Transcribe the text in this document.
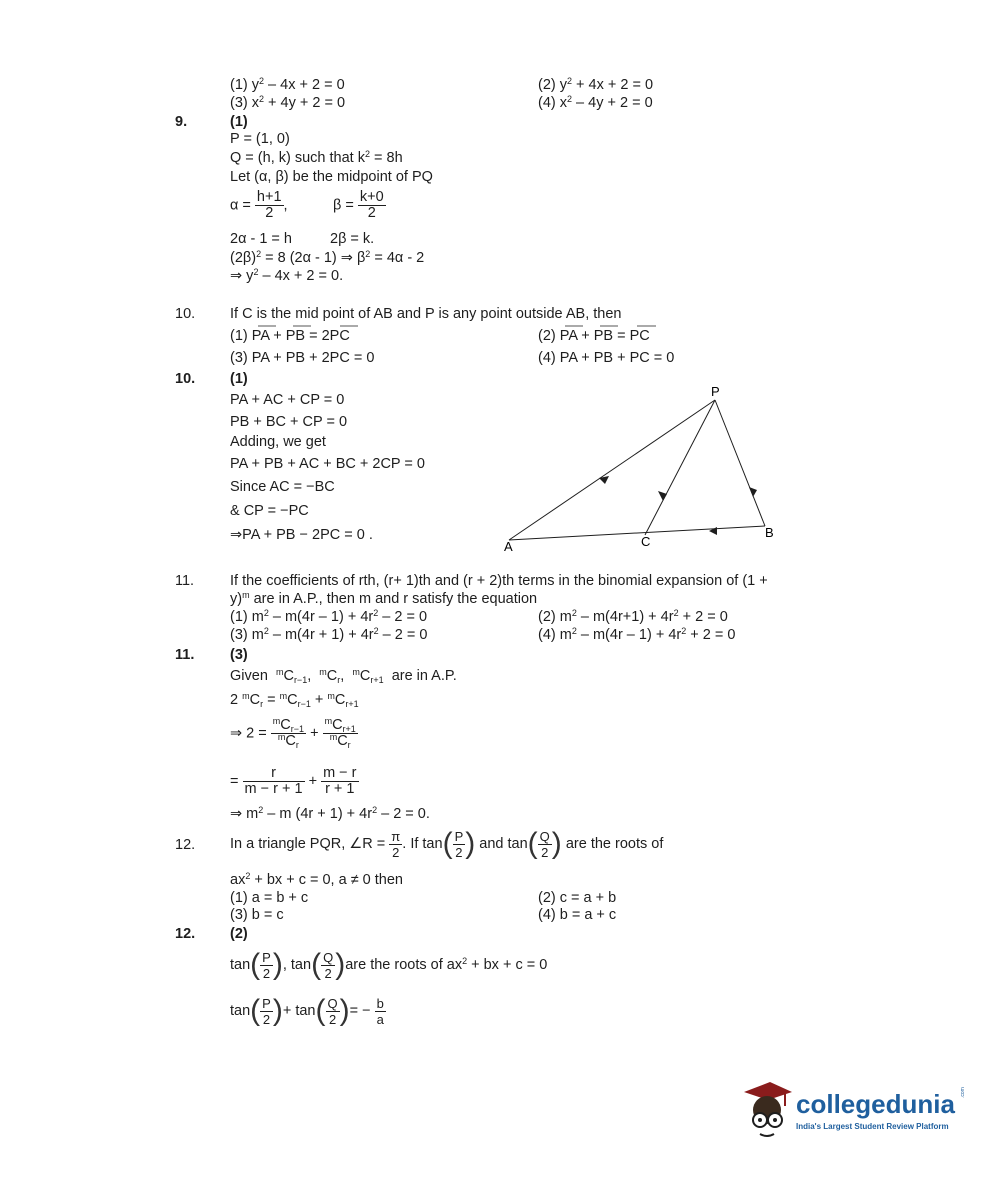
(1) $y^2 - 4x + 2 = 0$	(2) $y^2 + 4x + 2 = 0$
(3) $x^2 + 4y + 2 = 0$	(4) $x^2 - 4y + 2 = 0$
9.	(1)
P = (1, 0)
Q = (h, k) such that $k^2 = 8h$
Let (α, β) be the midpoint of PQ
$\alpha = \frac{h+1}{2}$ ,	$\beta = \frac{k+0}{2}$
2α - 1 = h	2β = k.
$(2\beta)^2 = 8$ (2α - 1) ⇒ $\beta^2 = 4\alpha - 2$
⇒ $y^2 - 4x + 2 = 0$.
10. If C is the mid point of AB and P is any point outside AB, then
(1) PA + PB = 2PC	(2) PA + PB = PC
(3) PA + PB + 2PC = 0	(4) PA + PB + PC = 0
10. (1)
PA + AC + CP = 0
PB + BC + CP = 0
Adding, we get
PA + PB + AC + BC + 2CP = 0
Since AC = −BC
& CP = −PC
⇒PA + PB − 2PC = 0 .
P
A
B
C
11. If the coefficients of rth, (r+ 1)th and (r + 2)th terms in the binomial expansion of (1 +
y)$^m$ are in A.P., then m and r satisfy the equation
(1) $m^2 - m(4r - 1) + 4r^2 - 2 = 0$	(2) $m^2 - m(4r+1) + 4r^2 + 2 = 0$
(3) $m^2 - m(4r + 1) + 4r^2 - 2 = 0$	(4) $m^2 - m(4r - 1) + 4r^2 + 2 = 0$
11. (3)
Given $^mC_{r-1}$,  $^mC_r$,  $^mC_{r+1}$ are in A.P.
2 $^mC_r = ^mC_{r-1} + ^mC_{r+1}$
⇒ $2 = \frac{^mC_{r-1}}{^mC_r} + \frac{^mC_{r+1}}{^mC_r}$
= $\frac{r}{m - r + 1} + \frac{m - r}{r + 1}$
⇒ $m^2$ – m $(4r + 1) + 4r^2 - 2 = 0$.
12. In a triangle PQR, ∠R = $\frac{\pi}{2}$ . If $\tan( \frac{P}{2}$ ) and $\tan( \frac{Q}{2}$ ) are the roots of
$ax^2$ + bx + c = 0, a ≠ 0 then
(1) a = b + c	(2) c = a + b
(3) b = c	(4) b = a + c
12. (2)
$\tan( \frac{P}{2}$ ), $\tan( \frac{Q}{2} )are$ the roots of $ax^2$ + bx + c = 0
$\tan( \frac{P}{2}$ )+ $\tan( \frac{Q}{2}$ )= − $\frac{b}{a}$
collegedunia .com
India's Largest Student Review Platform
